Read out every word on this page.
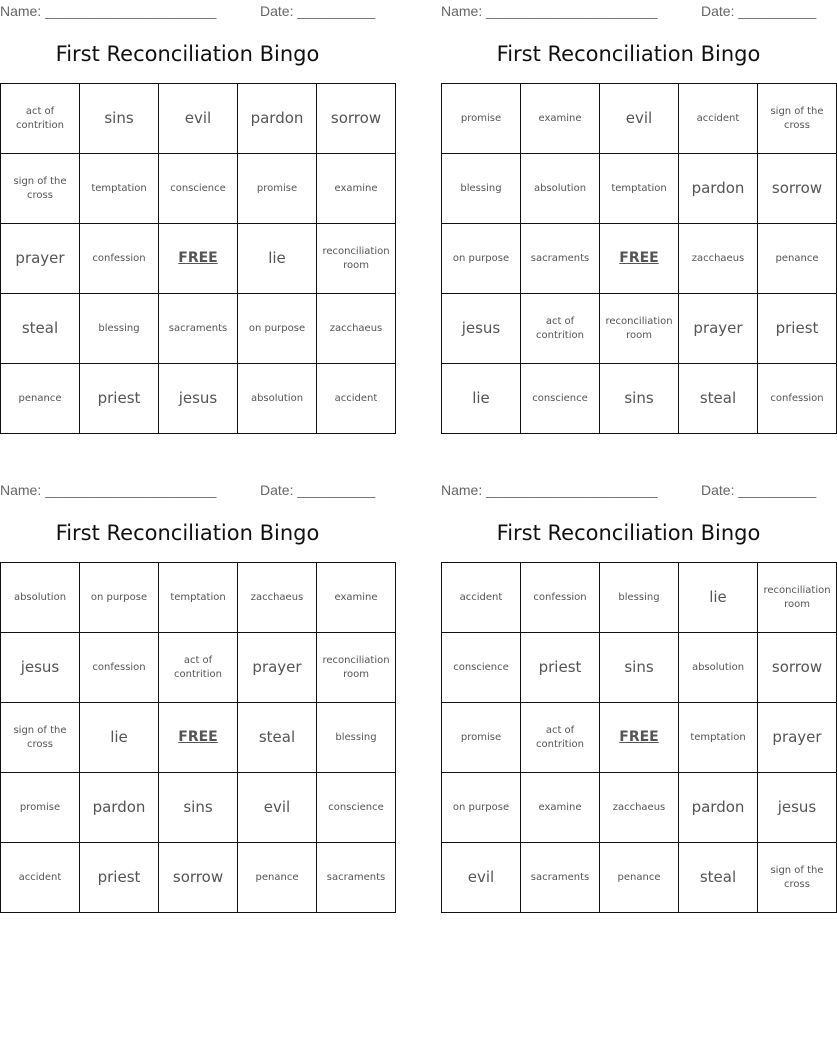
Name: ______________________	Date: __________
First Reconciliation Bingo
act of contrition	sins	evil	pardon	sorrow
sign of the cross	temptation	conscience	promise	examine
prayer	confession	FREE	lie	reconciliation room
steal	blessing	sacraments	on purpose	zacchaeus
penance	priest	jesus	absolution	accident
Name: ______________________	Date: __________
First Reconciliation Bingo
promise	examine	evil	accident	sign of the cross
blessing	absolution	temptation	pardon	sorrow
on purpose	sacraments	FREE	zacchaeus	penance
jesus	act of contrition	reconciliation room	prayer	priest
lie	conscience	sins	steal	confession
Name: ______________________	Date: __________
First Reconciliation Bingo
absolution	on purpose	temptation	zacchaeus	examine
jesus	confession	act of contrition	prayer	reconciliation room
sign of the cross	lie	FREE	steal	blessing
promise	pardon	sins	evil	conscience
accident	priest	sorrow	penance	sacraments
Name: ______________________	Date: __________
First Reconciliation Bingo
accident	confession	blessing	lie	reconciliation room
conscience	priest	sins	absolution	sorrow
promise	act of contrition	FREE	temptation	prayer
on purpose	examine	zacchaeus	pardon	jesus
evil	sacraments	penance	steal	sign of the cross
